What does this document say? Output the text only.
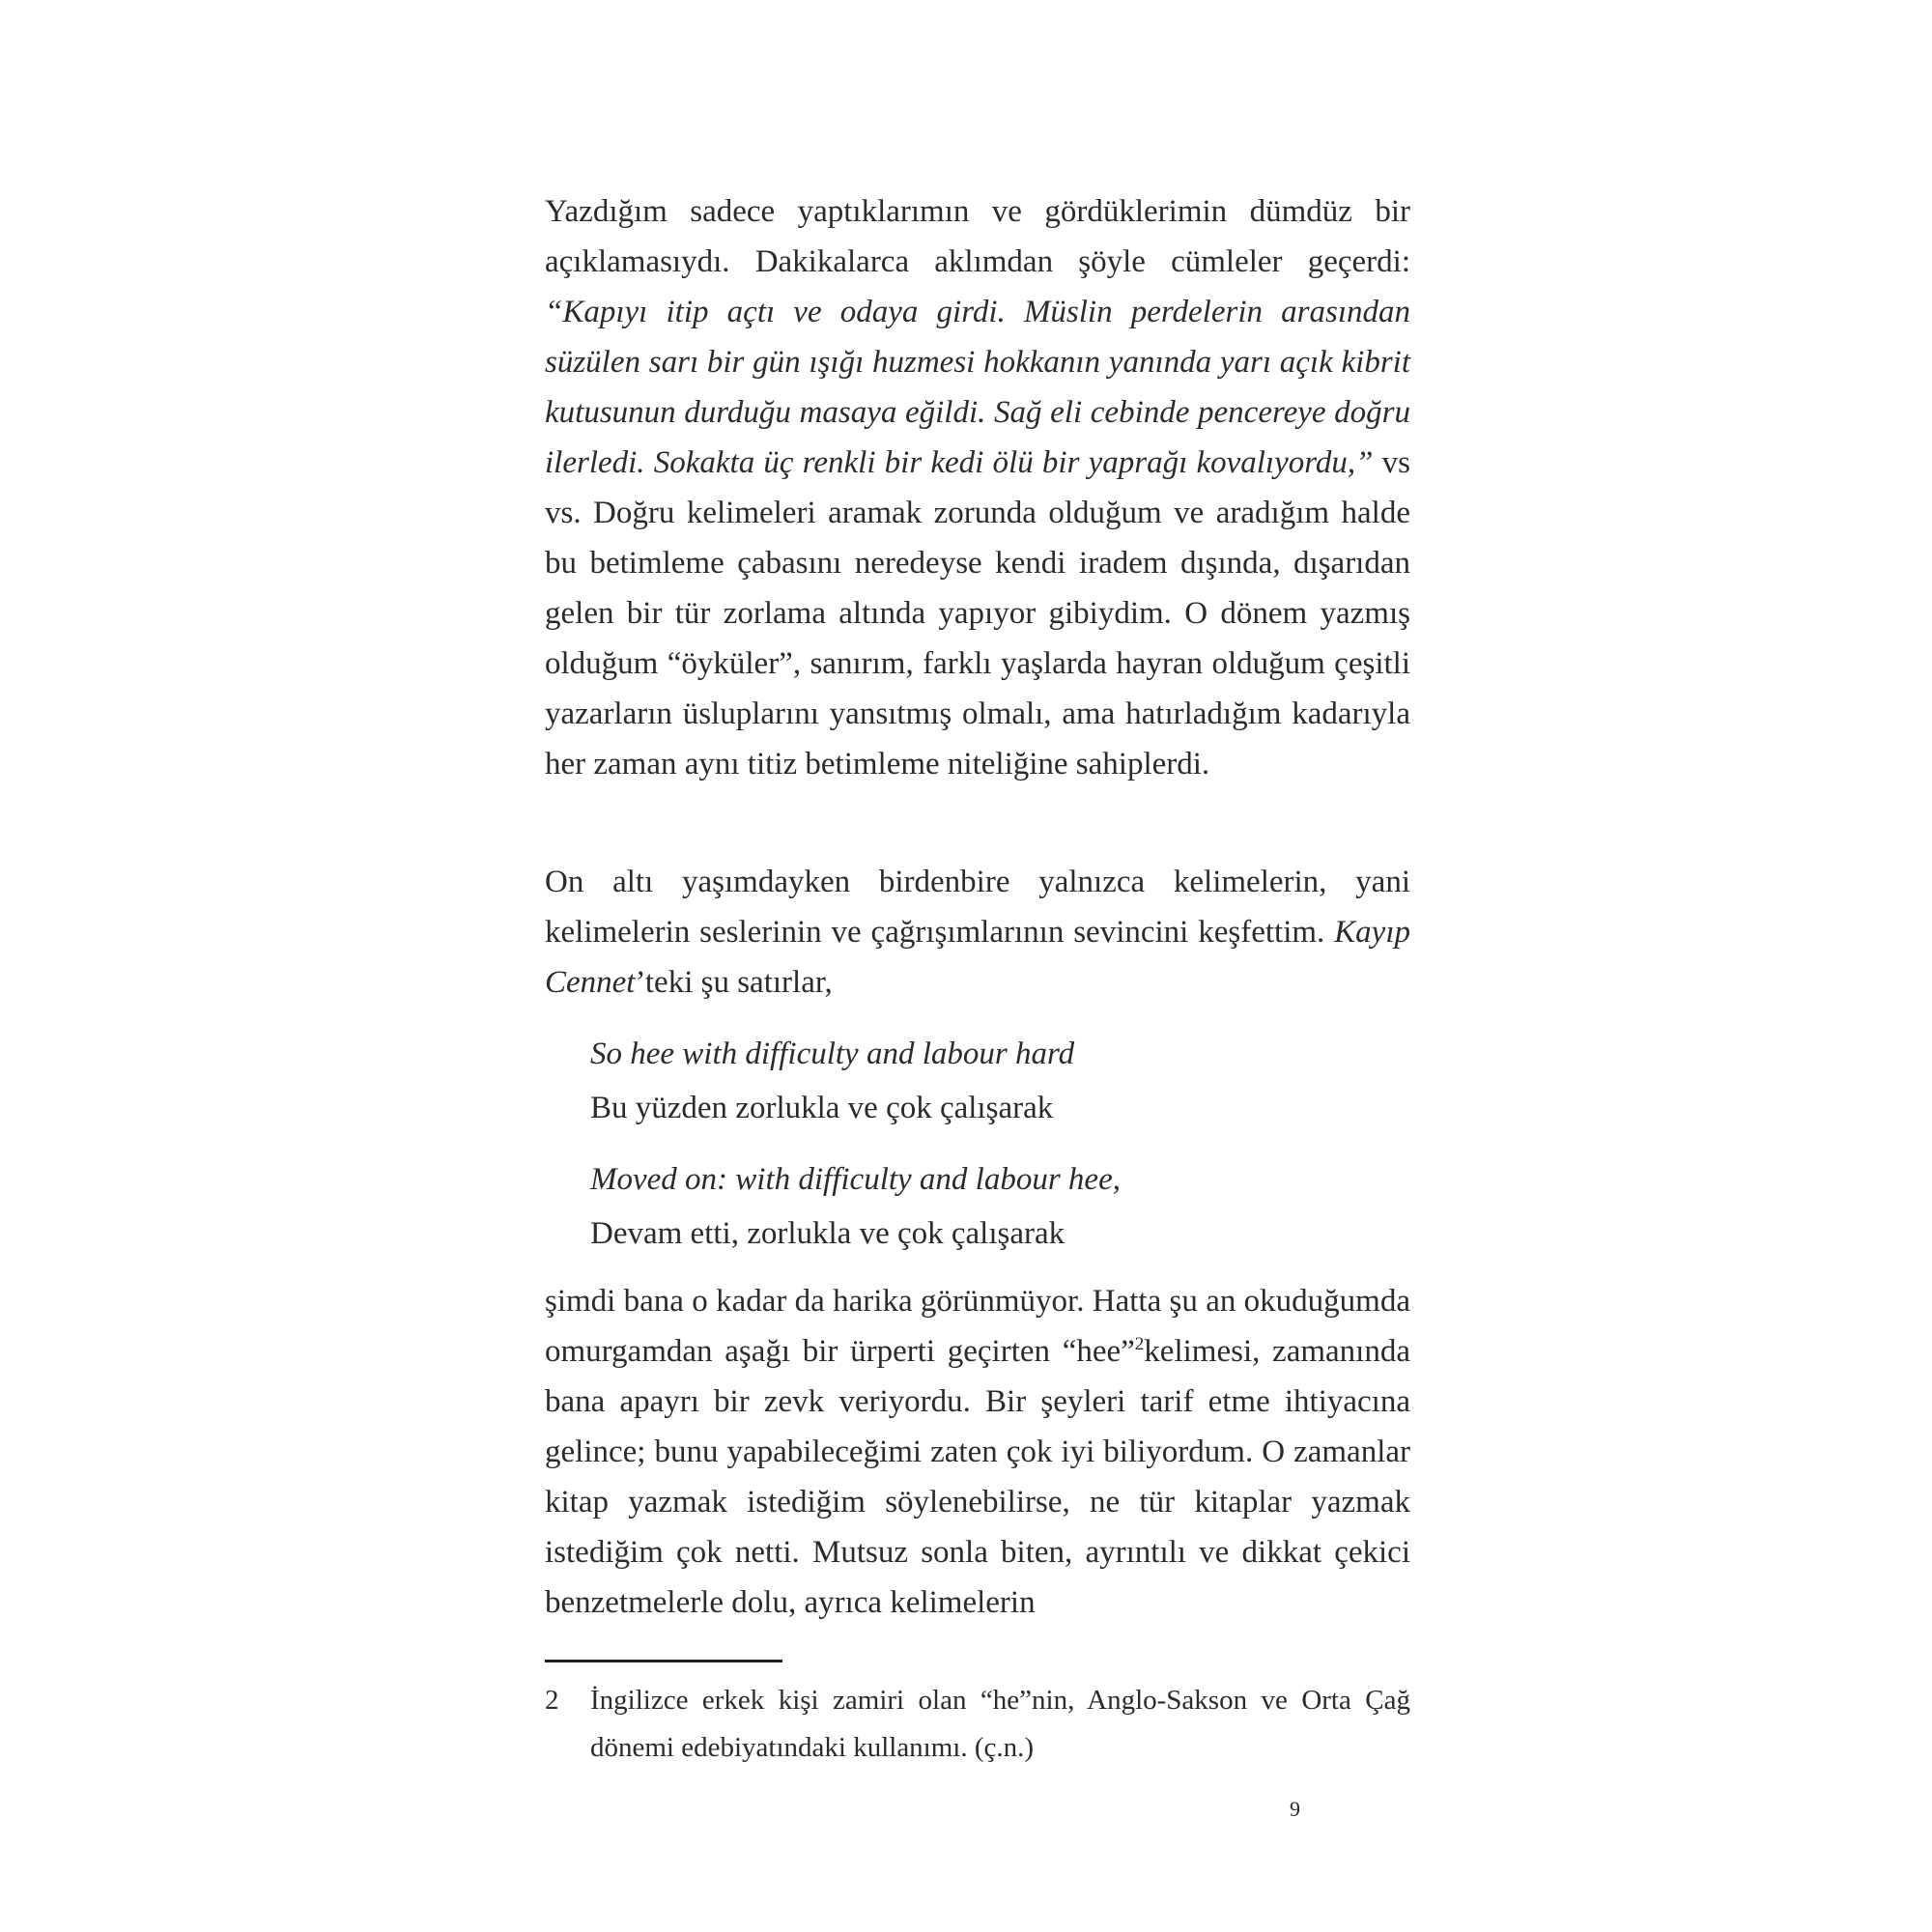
Yazdığım sadece yaptıklarımın ve gördüklerimin dümdüz bir açıklamasıydı. Dakikalarca aklımdan şöyle cümleler geçerdi: “Kapıyı itip açtı ve odaya girdi. Müslin perdelerin arasından süzülen sarı bir gün ışığı huzmesi hokkanın yanında yarı açık kibrit kutusunun durduğu masaya eğildi. Sağ eli cebinde pencereye doğru ilerledi. Sokakta üç renkli bir kedi ölü bir yaprağı kovalıyordu,” vs vs. Doğru kelimeleri aramak zorunda olduğum ve aradığım halde bu betimleme çabasını neredeyse kendi iradem dışında, dışarıdan gelen bir tür zorlama altında yapıyor gibiydim. O dönem yazmış olduğum “öyküler”, sanırım, farklı yaşlarda hayran olduğum çeşitli yazarların üsluplarını yansıtmış olmalı, ama hatırladığım kadarıyla her zaman aynı titiz betimleme niteliğine sahiplerdi.

On altı yaşımdayken birdenbire yalnızca kelimelerin, yani kelimelerin seslerinin ve çağrışımlarının sevincini keşfettim. Kayıp Cennet’teki şu satırlar,

So hee with difficulty and labour hard
Bu yüzden zorlukla ve çok çalışarak
Moved on: with difficulty and labour hee,
Devam etti, zorlukla ve çok çalışarak

şimdi bana o kadar da harika görünmüyor. Hatta şu an okuduğumda omurgamdan aşağı bir ürperti geçirten “hee”$^2$kelimesi, zamanında bana apayrı bir zevk veriyordu. Bir şeyleri tarif etme ihtiyacına gelince; bunu yapabileceğimi zaten çok iyi biliyordum. O zamanlar kitap yazmak istediğim söylenebilirse, ne tür kitaplar yazmak istediğim çok netti. Mutsuz sonla biten, ayrıntılı ve dikkat çekici benzetmelerle dolu, ayrıca kelimelerin

2 İngilizce erkek kişi zamiri olan “he”nin, Anglo-Sakson ve Orta Çağ dönemi edebiyatındaki kullanımı. (ç.n.)
9
